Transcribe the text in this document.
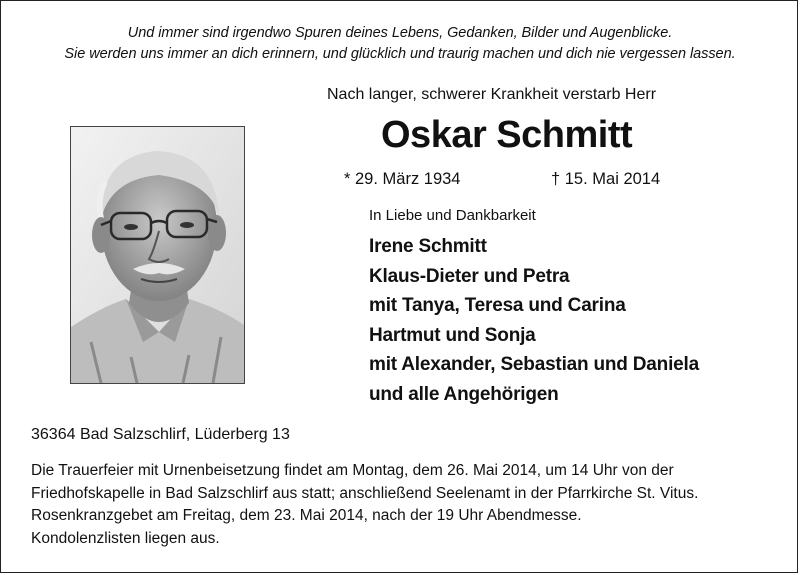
Und immer sind irgendwo Spuren deines Lebens, Gedanken, Bilder und Augenblicke.
Sie werden uns immer an dich erinnern, und glücklich und traurig machen und dich nie vergessen lassen.
Nach langer, schwerer Krankheit verstarb Herr
Oskar Schmitt
* 29. März 1934	† 15. Mai 2014
In Liebe und Dankbarkeit
Irene Schmitt
Klaus-Dieter und Petra
mit Tanya, Teresa und Carina
Hartmut und Sonja
mit Alexander, Sebastian und Daniela
und alle Angehörigen
36364 Bad Salzschlirf, Lüderberg 13
Die Trauerfeier mit Urnenbeisetzung findet am Montag, dem 26. Mai 2014, um 14 Uhr von der
Friedhofskapelle in Bad Salzschlirf aus statt; anschließend Seelenamt in der Pfarrkirche St. Vitus.
Rosenkranzgebet am Freitag, dem 23. Mai 2014, nach der 19 Uhr Abendmesse.
Kondolenzlisten liegen aus.
